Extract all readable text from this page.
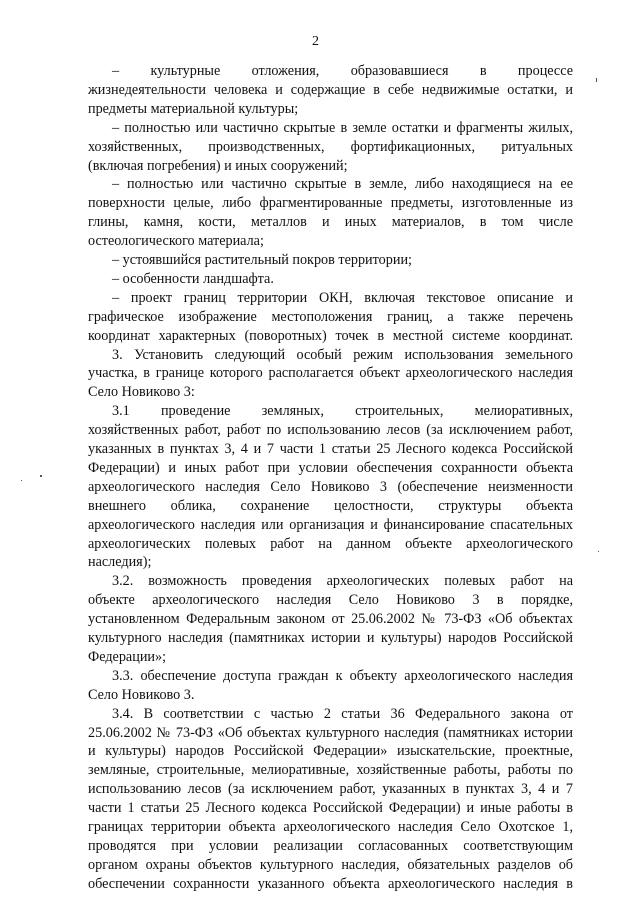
2
– культурные отложения, образовавшиеся в процессе
жизнедеятельности человека и содержащие в себе недвижимые остатки, и
предметы материальной культуры;
– полностью или частично скрытые в земле остатки и фрагменты жилых,
хозяйственных, производственных, фортификационных, ритуальных
(включая погребения) и иных сооружений;
– полностью или частично скрытые в земле, либо находящиеся на ее
поверхности целые, либо фрагментированные предметы, изготовленные из
глины, камня, кости, металлов и иных материалов, в том числе
остеологического материала;
– устоявшийся растительный покров территории;
– особенности ландшафта.
– проект границ территории ОКН, включая текстовое описание и
графическое изображение местоположения границ, а также перечень
координат характерных (поворотных) точек в местной системе координат.
3. Установить следующий особый режим использования земельного
участка, в границе которого располагается объект археологического наследия
Село Новиково 3:
3.1 проведение земляных, строительных, мелиоративных,
хозяйственных работ, работ по использованию лесов (за исключением работ,
указанных в пунктах 3, 4 и 7 части 1 статьи 25 Лесного кодекса Российской
Федерации) и иных работ при условии обеспечения сохранности объекта
археологического наследия Село Новиково 3 (обеспечение неизменности
внешнего облика, сохранение целостности, структуры объекта
археологического наследия или организация и финансирование спасательных
археологических полевых работ на данном объекте археологического
наследия);
3.2. возможность проведения археологических полевых работ на
объекте археологического наследия Село Новиково 3 в порядке,
установленном Федеральным законом от 25.06.2002 № 73-ФЗ «Об объектах
культурного наследия (памятниках истории и культуры) народов Российской
Федерации»;
3.3. обеспечение доступа граждан к объекту археологического наследия
Село Новиково 3.
3.4. В соответствии с частью 2 статьи 36 Федерального закона от
25.06.2002 № 73-ФЗ «Об объектах культурного наследия (памятниках истории
и культуры) народов Российской Федерации» изыскательские, проектные,
земляные, строительные, мелиоративные, хозяйственные работы, работы по
использованию лесов (за исключением работ, указанных в пунктах 3, 4 и 7
части 1 статьи 25 Лесного кодекса Российской Федерации) и иные работы в
границах территории объекта археологического наследия Село Охотское 1,
проводятся при условии реализации согласованных соответствующим
органом охраны объектов культурного наследия, обязательных разделов об
обеспечении сохранности указанного объекта археологического наследия в
